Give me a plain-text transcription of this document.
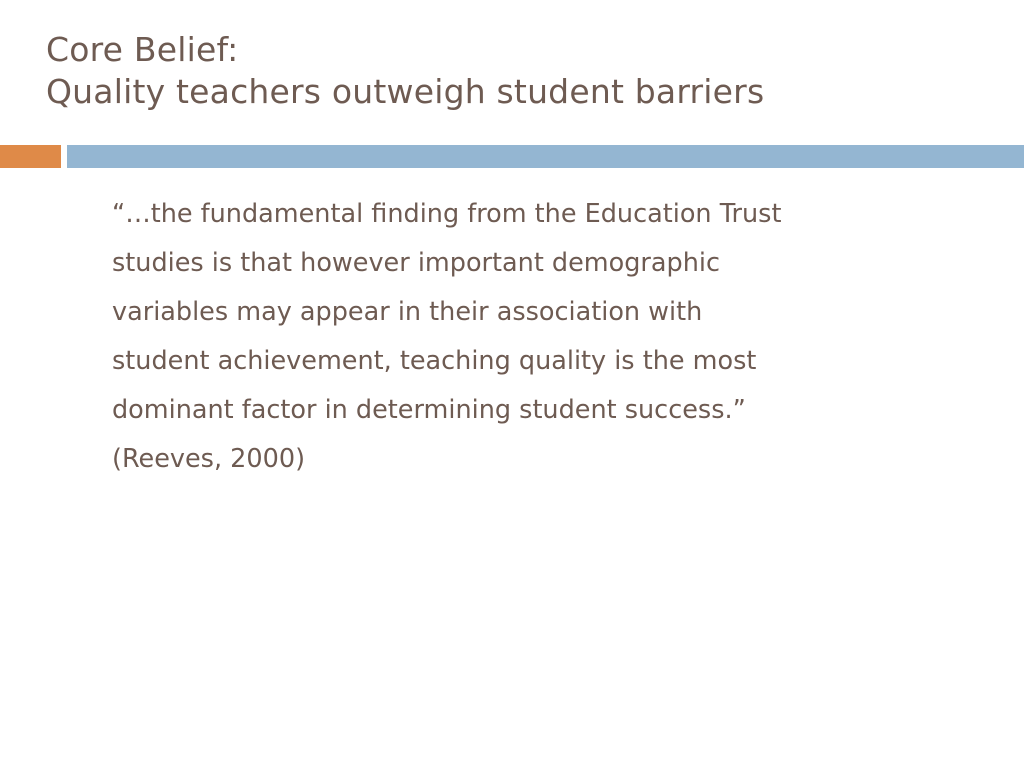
Core Belief:
Quality teachers outweigh student barriers
“…the fundamental finding from the Education Trust
studies is that however important demographic
variables may appear in their association with
student achievement, teaching quality is the most
dominant factor in determining student success.”
(Reeves, 2000)
